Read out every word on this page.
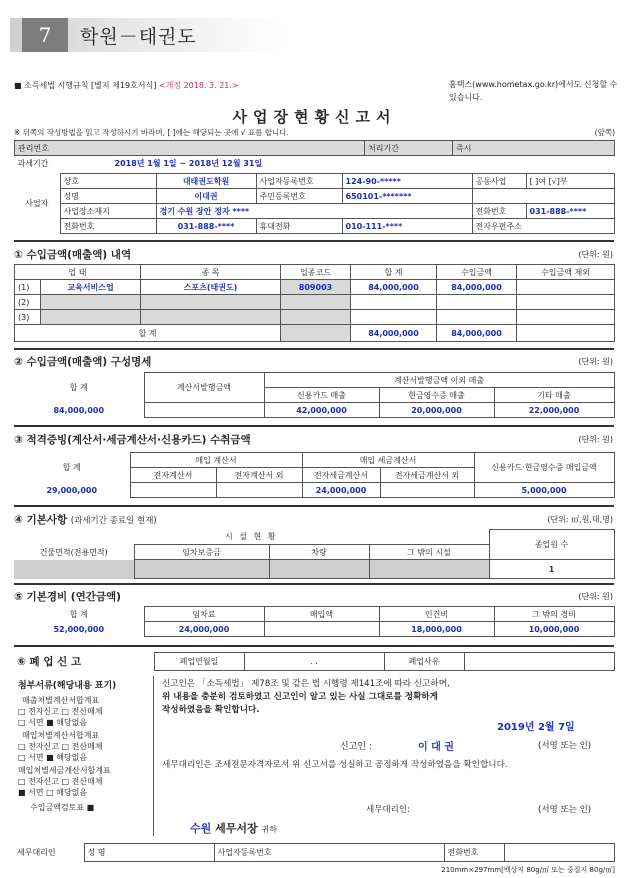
7	학원－태권도
■ 소득세법 시행규칙 [별지 제19호서식] <개정 2018. 3. 21.>	홈택스(www.hometax.go.kr)에서도 신청할 수 있습니다.
사업장현황신고서
※ 뒤쪽의 작성방법을 읽고 작성하시기 바라며, [ ]에는 해당되는 곳에 √ 표를 합니다.	(앞쪽)
관리번호		처리기간	즉시
과세기간	2018년 1월 1일 ~ 2018년 12월 31일		
사업자	상호	대태권도학원	사업자등록번호	124-90-*****	공동사업	[ ]여 [√]부
	성명	이대권	주민등록번호	650101-*******		
	사업장소재지	경기 수원 장안 정자 ****			전화번호	031-888-****
	전화번호	031-888-****	휴대전화	010-111-****	전자우편주소	
① 수입금액(매출액) 내역	(단위: 원)
업 태		종 목	업종코드	합 계	수입금액	수입금액 제외
(1)	교육서비스업	스포츠(태권도)	809003	84,000,000	84,000,000	
(2)						
(3)						
합 계				84,000,000	84,000,000	
② 수입금액(매출액) 구성명세	(단위: 원)
합 계	계산서발행금액	계산서발행금액 이외 매출		
		신용카드 매출	현금영수증 매출	기타 매출
84,000,000		42,000,000	20,000,000	22,000,000
③ 적격증빙(계산서·세금계산서·신용카드) 수취금액	(단위: 원)
합 계	매입 계산서		매입 세금계산서		신용카드·현금영수증 매입금액
	전자계산서	전자계산서 외	전자세금계산서	전자세금계산서 외	
29,000,000			24,000,000		5,000,000
④ 기본사항 (과세기간 종료일 현재)	(단위: ㎡,원,대,명)
시 설 현 황				종업원 수
건물면적(전용면적)	임차보증금	차량	그 밖의 시설	
				1
⑤ 기본경비 (연간금액)	(단위: 원)
합 계	임차료	매입액	인건비	그 밖의 경비
52,000,000	24,000,000		18,000,000	10,000,000
⑥ 폐 업 신 고	폐업연월일	. .	폐업사유	
첨부서류(해당내용 표기)
매출처별계산서합계표
□ 전자신고 □ 전산매체
□ 서면 ■ 해당없음
매입처별계산서합계표
□ 전자신고 □ 전산매체
□ 서면 ■ 해당없음
매입처별세금계산서합계표
□ 전자신고 □ 전산매체
■ 서면 □ 해당없음
수입금액검토표 ■
신고인은 「소득세법」 제78조 및 같은 법 시행령 제141조에 따라 신고하며,
위 내용을 충분히 검토하였고 신고인이 알고 있는 사실 그대로를 정확하게
작성하였음을 확인합니다.
2019년 2월 7일
신고인 :	이 대 권	(서명 또는 인)
세무대리인은 조세전문자격자로서 위 신고서를 성실하고 공정하게 작성하였음을 확인합니다.
세무대리인:	(서명 또는 인)
수원 세무서장 귀하
세무대리인	성 명	사업자등록번호	전화번호	
210mm×297mm[백상지 80g/㎡ 또는 중질지 80g/㎡]
